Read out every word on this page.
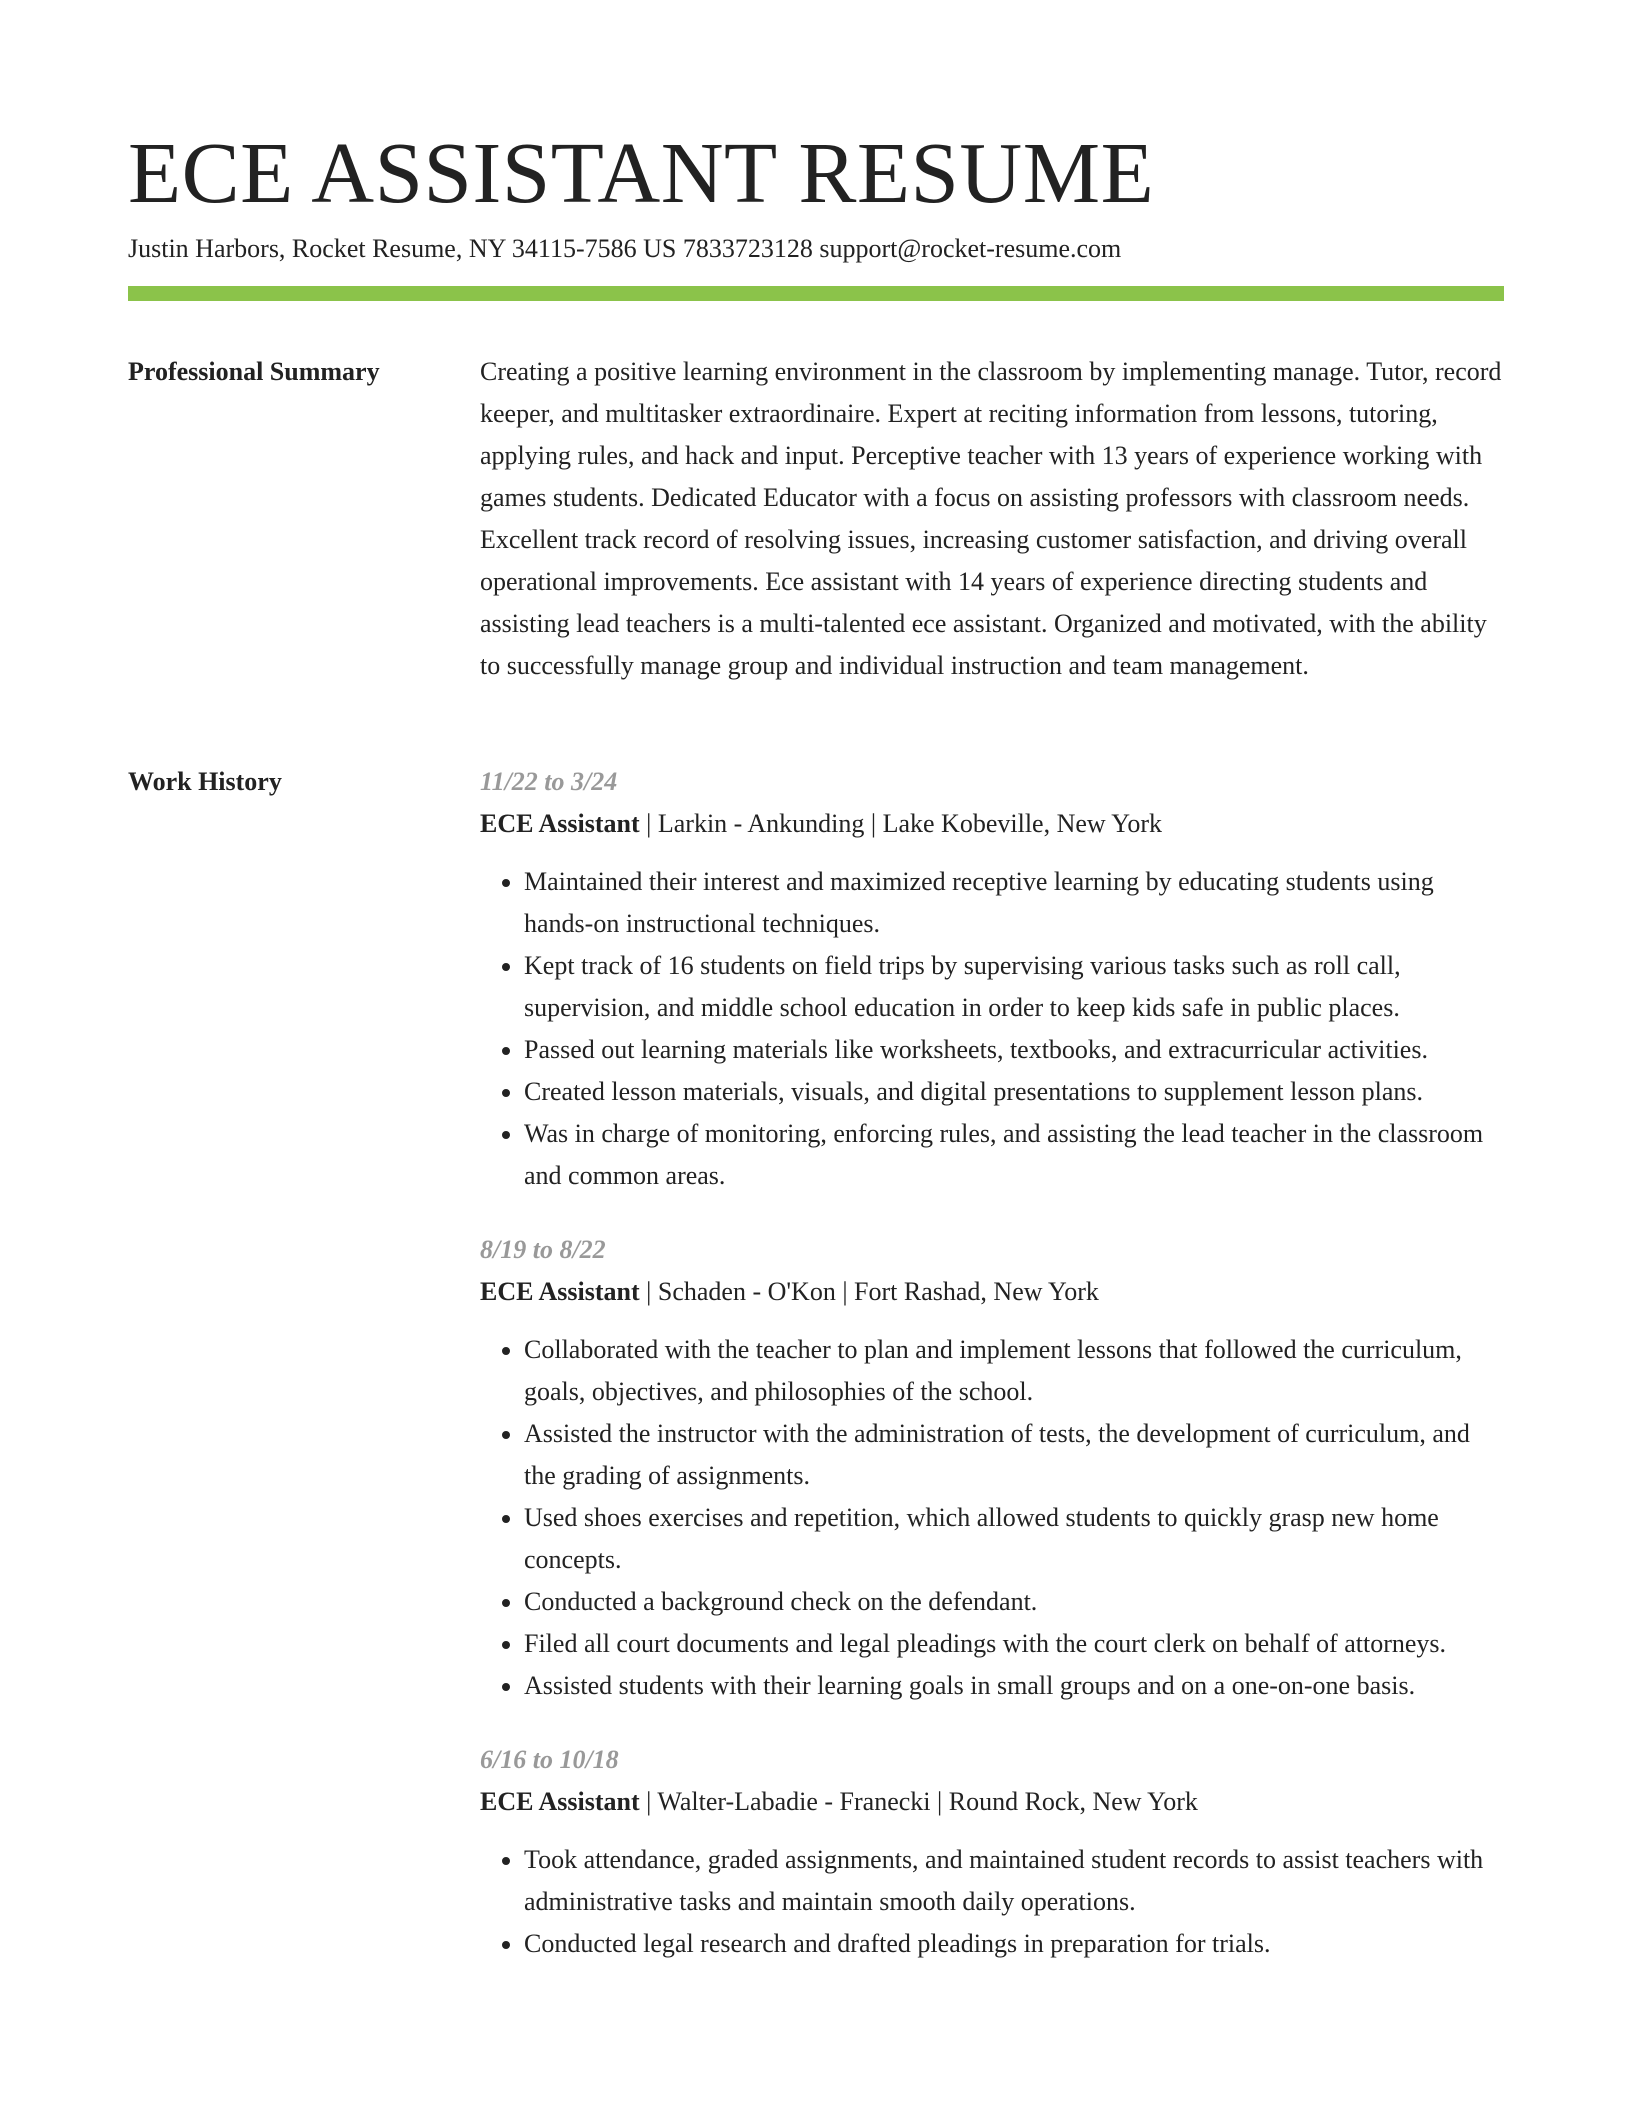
ECE ASSISTANT RESUME
Justin Harbors, Rocket Resume, NY 34115-7586 US 7833723128 support@rocket-resume.com
Professional Summary	Creating a positive learning environment in the classroom by implementing manage. Tutor, record keeper, and multitasker extraordinaire. Expert at reciting information from lessons, tutoring, applying rules, and hack and input. Perceptive teacher with 13 years of experience working with games students. Dedicated Educator with a focus on assisting professors with classroom needs. Excellent track record of resolving issues, increasing customer satisfaction, and driving overall operational improvements. Ece assistant with 14 years of experience directing students and assisting lead teachers is a multi-talented ece assistant. Organized and motivated, with the ability to successfully manage group and individual instruction and team management.

Work History	11/22 to 3/24

ECE Assistant | Larkin - Ankunding | Lake Kobeville, New York

• Maintained their interest and maximized receptive learning by educating students using hands-on instructional techniques.
• Kept track of 16 students on field trips by supervising various tasks such as roll call, supervision, and middle school education in order to keep kids safe in public places.
• Passed out learning materials like worksheets, textbooks, and extracurricular activities.
• Created lesson materials, visuals, and digital presentations to supplement lesson plans.
• Was in charge of monitoring, enforcing rules, and assisting the lead teacher in the classroom and common areas.

8/19 to 8/22

ECE Assistant | Schaden - O'Kon | Fort Rashad, New York

• Collaborated with the teacher to plan and implement lessons that followed the curriculum, goals, objectives, and philosophies of the school.
• Assisted the instructor with the administration of tests, the development of curriculum, and the grading of assignments.
• Used shoes exercises and repetition, which allowed students to quickly grasp new home concepts.
• Conducted a background check on the defendant.
• Filed all court documents and legal pleadings with the court clerk on behalf of attorneys.
• Assisted students with their learning goals in small groups and on a one-on-one basis.

6/16 to 10/18

ECE Assistant | Walter-Labadie - Franecki | Round Rock, New York

• Took attendance, graded assignments, and maintained student records to assist teachers with administrative tasks and maintain smooth daily operations.
• Conducted legal research and drafted pleadings in preparation for trials.
